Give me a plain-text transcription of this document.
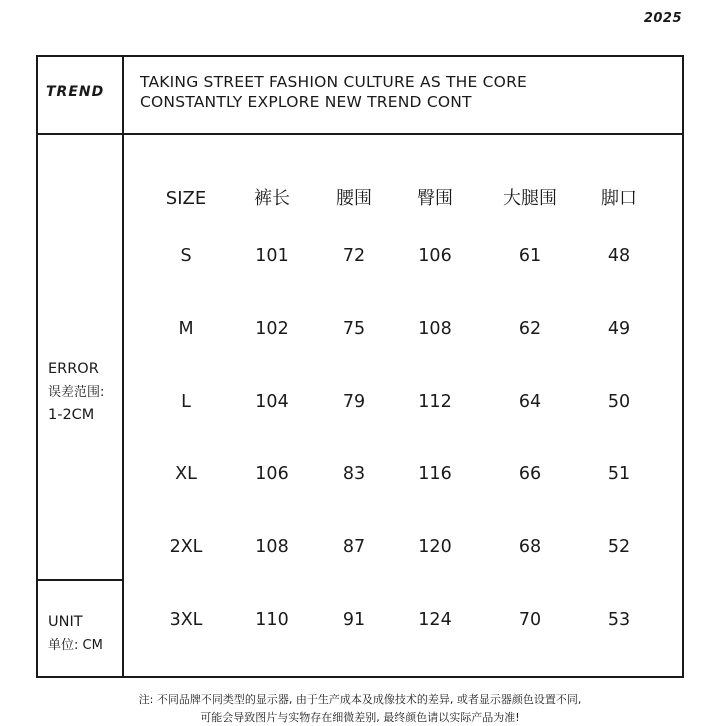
2025
TREND
TAKING STREET FASHION CULTURE AS THE CORE
CONSTANTLY EXPLORE NEW TREND CONT
ERROR
误差范围:
1-2CM
UNIT
单位: CM
SIZE	裤长	腰围	臀围	大腿围	脚口
S	101	72	106	61	48
M	102	75	108	62	49
L	104	79	112	64	50
XL	106	83	116	66	51
2XL	108	87	120	68	52
3XL	110	91	124	70	53
注: 不同品牌不同类型的显示器, 由于生产成本及成像技术的差异, 或者显示器颜色设置不同,
可能会导致图片与实物存在细微差别, 最终颜色请以实际产品为准!
